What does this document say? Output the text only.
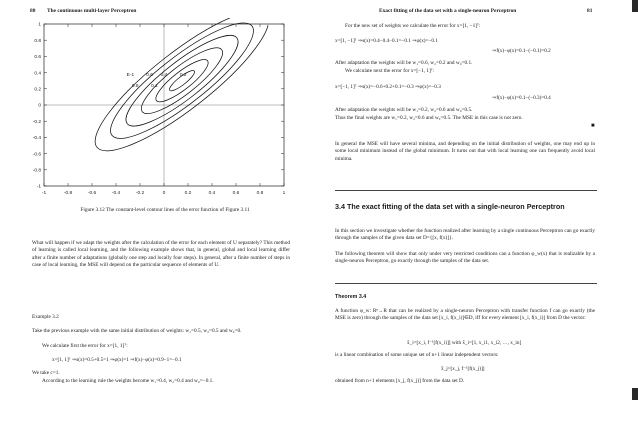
80 The continuous multi-layer Perceptron
-1	-0.8	-0.6	-0.4	-0.2	0	0.2	0.4	0.6	0.8	1
1
0.8
0.6
0.4
0.2
0
-0.2
-0.4
-0.6
-0.8
-1
E-1	0.6 0.4	0.2
0.8	0.1
Figure 3.12 The constant-level contour lines of the error function of Figure 3.11
What will happen if we adapt the weights after the calculation of the error for each element of U separately? This method of learning is called local learning, and the following example shows that, in general, global and local learning differ after a finite number of adaptations (globally one step and locally four steps). In general, after a finite number of steps in case of local learning, the MSE will depend on the particular sequence of elements of U.
Example 3.2
Take the previous example with the same initial distribution of weights: w₁=0.5, w₂=0.5 and w₀=0.
We calculate first the error for x=[1, 1]ᵀ:
x=[1, 1]ᵀ ⇒s(x)=0.5+0.5=1 ⇒φ(x)=1 ⇒f(x)−φ(x)=0.9−1=−0.1
We take c=1.
According to the learning rule the weights become w₁=0.4, w₂=0.4 and w₀=−0.1.
Exact fitting of the data set with a single-neuron Perceptron	81
For the new set of weights we calculate the error for x=[1, −1]ᵀ:
x=[1, −1]ᵀ ⇒s(x)=0.4−0.4−0.1=−0.1 ⇒φ(x)=−0.1
⇒f(x)−φ(x)=0.1−(−0.1)=0.2
After adaptation the weights will be w₁=0.6, w₂=0.2 and w₀=0.1.
We calculate next the error for x=[−1, 1]ᵀ:
x=[−1, 1]ᵀ ⇒s(x)=−0.6+0.2+0.1=−0.3 ⇒φ(x)=−0.3
⇒f(x)−φ(x)=0.1−(−0.3)=0.4
After adaptation the weights will be w₁=0.2, w₂=0.6 and w₀=0.5.
Thus the final weights are w₁=0.2, w₂=0.6 and w₀=0.5. The MSE in this case is not zero.
■
In general the MSE will have several minima, and depending on the initial distribution of weights, one may end up in some local minimum instead of the global minimum. It turns out that with local learning one can frequently avoid local minima.
3.4 The exact fitting of the data set with a single-neuron Perceptron
In this section we investigate whether the function realized after learning by a single continuous Perceptron can go exactly through the samples of the given data set D={[x, f(x)]}.
The following theorem will show that only under very restricted conditions can a function φ_w(x) that is realizable by a single-neuron Perceptron, go exactly through the samples of the data set.
Theorem 3.4
A function φ_w: Rⁿ→R that can be realized by a single-neuron Perceptron with transfer function f can go exactly (the MSE is zero) through the samples of the data set [x_i, f(x_i)]∈D, iff for every element [x_i, f(x_i)] from D the vector:
x̂_i=[x_i, f⁻¹[f(x_i)]] with x̂_i=[1, x_i1, x_i2, …, x_in]
is a linear combination of some unique set of n+1 linear independent vectors:
x̂_j=[x_j, f⁻¹[f(x_j)]]
obtained from n+1 elements [x_j, f(x_j)] from the data set D.
